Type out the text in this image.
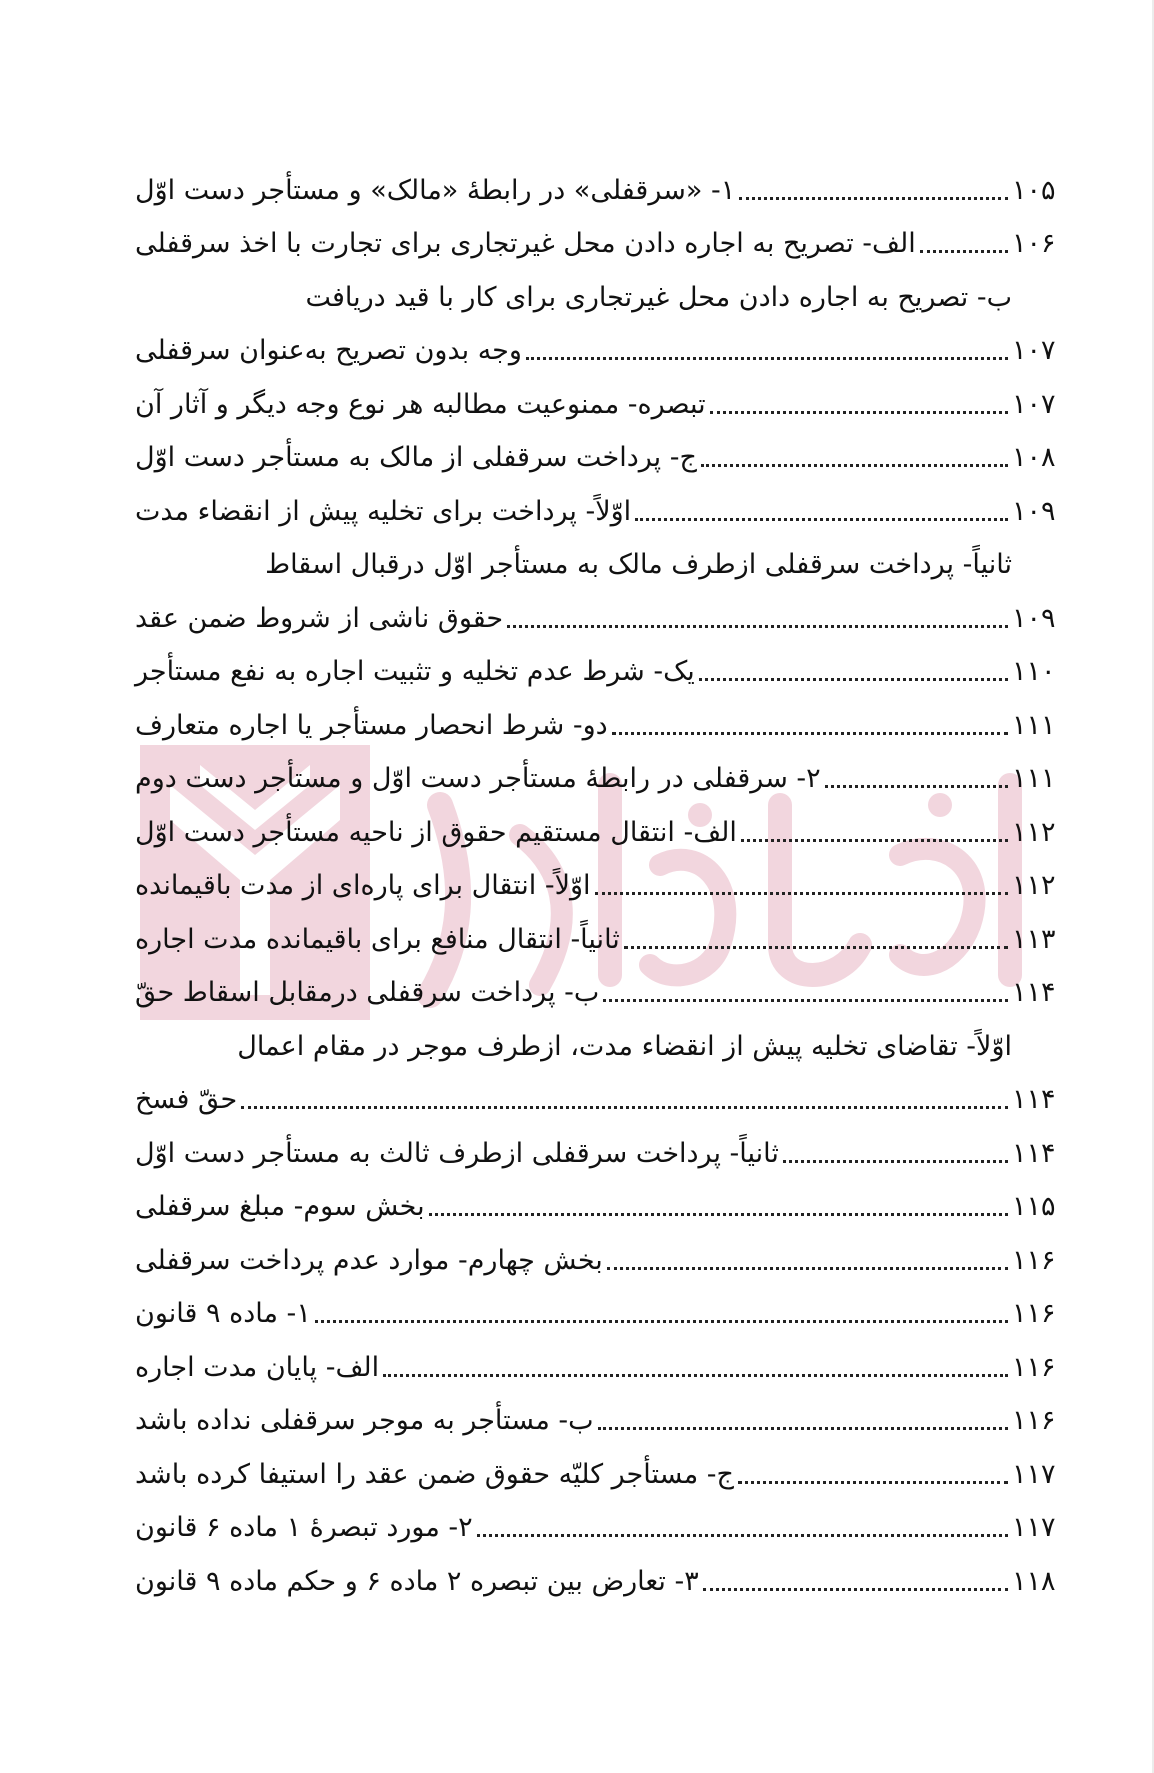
۱- «سرقفلی» در رابطهٔ «مالک» و مستأجر دست اوّل	۱۰۵
الف- تصریح به اجاره دادن محل غیرتجاری برای تجارت با اخذ سرقفلی	۱۰۶
ب- تصریح به اجاره دادن محل غیرتجاری برای کار با قید دریافت
وجه بدون تصریح به‌عنوان سرقفلی	۱۰۷
تبصره- ممنوعیت مطالبه هر نوع وجه دیگر و آثار آن	۱۰۷
ج- پرداخت سرقفلی از مالک به مستأجر دست اوّل	۱۰۸
اوّلاً- پرداخت برای تخلیه پیش از انقضاء مدت	۱۰۹
ثانیاً- پرداخت سرقفلی ازطرف مالک به مستأجر اوّل درقبال اسقاط
حقوق ناشی از شروط ضمن عقد	۱۰۹
یک- شرط عدم تخلیه و تثبیت اجاره به نفع مستأجر	۱۱۰
دو- شرط انحصار مستأجر یا اجاره متعارف	۱۱۱
۲- سرقفلی در رابطهٔ مستأجر دست اوّل و مستأجر دست دوم	۱۱۱
الف- انتقال مستقیم حقوق از ناحیه مستأجر دست اوّل	۱۱۲
اوّلاً- انتقال برای پاره‌ای از مدت باقیمانده	۱۱۲
ثانیاً- انتقال منافع برای باقیمانده مدت اجاره	۱۱۳
ب- پرداخت سرقفلی درمقابل اسقاط حقّ	۱۱۴
اوّلاً- تقاضای تخلیه پیش از انقضاء مدت، ازطرف موجر در مقام اعمال
حقّ فسخ	۱۱۴
ثانیاً- پرداخت سرقفلی ازطرف ثالث به مستأجر دست اوّل	۱۱۴
بخش سوم- مبلغ سرقفلی	۱۱۵
بخش چهارم- موارد عدم پرداخت سرقفلی	۱۱۶
۱- ماده ۹ قانون	۱۱۶
الف- پایان مدت اجاره	۱۱۶
ب- مستأجر به موجر سرقفلی نداده باشد	۱۱۶
ج- مستأجر کلیّه حقوق ضمن عقد را استیفا کرده باشد	۱۱۷
۲- مورد تبصرهٔ ۱ ماده ۶ قانون	۱۱۷
۳- تعارض بین تبصره ۲ ماده ۶ و حکم ماده ۹ قانون	۱۱۸
